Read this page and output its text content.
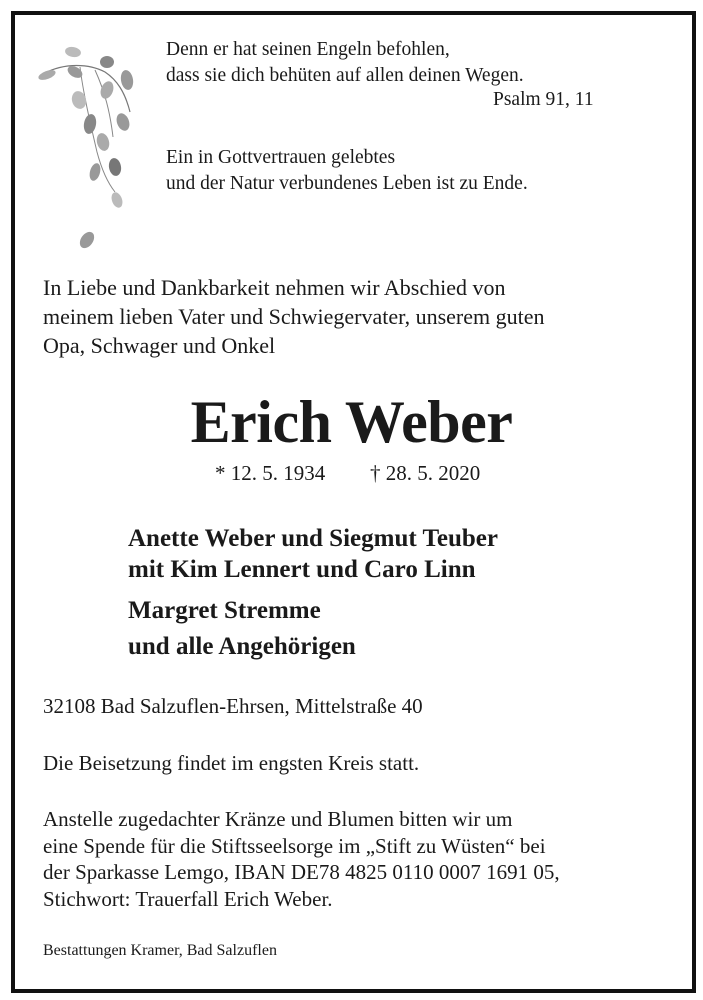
Denn er hat seinen Engeln befohlen,
dass sie dich behüten auf allen deinen Wegen.
Psalm 91, 11
Ein in Gottvertrauen gelebtes
und der Natur verbundenes Leben ist zu Ende.
In Liebe und Dankbarkeit nehmen wir Abschied von
meinem lieben Vater und Schwiegervater, unserem guten
Opa, Schwager und Onkel
Erich Weber
* 12. 5. 1934 † 28. 5. 2020
Anette Weber und Siegmut Teuber
mit Kim Lennert und Caro Linn
Margret Stremme
und alle Angehörigen
32108 Bad Salzuflen-Ehrsen, Mittelstraße 40
Die Beisetzung findet im engsten Kreis statt.
Anstelle zugedachter Kränze und Blumen bitten wir um
eine Spende für die Stiftsseelsorge im „Stift zu Wüsten“ bei
der Sparkasse Lemgo, IBAN DE78 4825 0110 0007 1691 05,
Stichwort: Trauerfall Erich Weber.
Bestattungen Kramer, Bad Salzuflen
